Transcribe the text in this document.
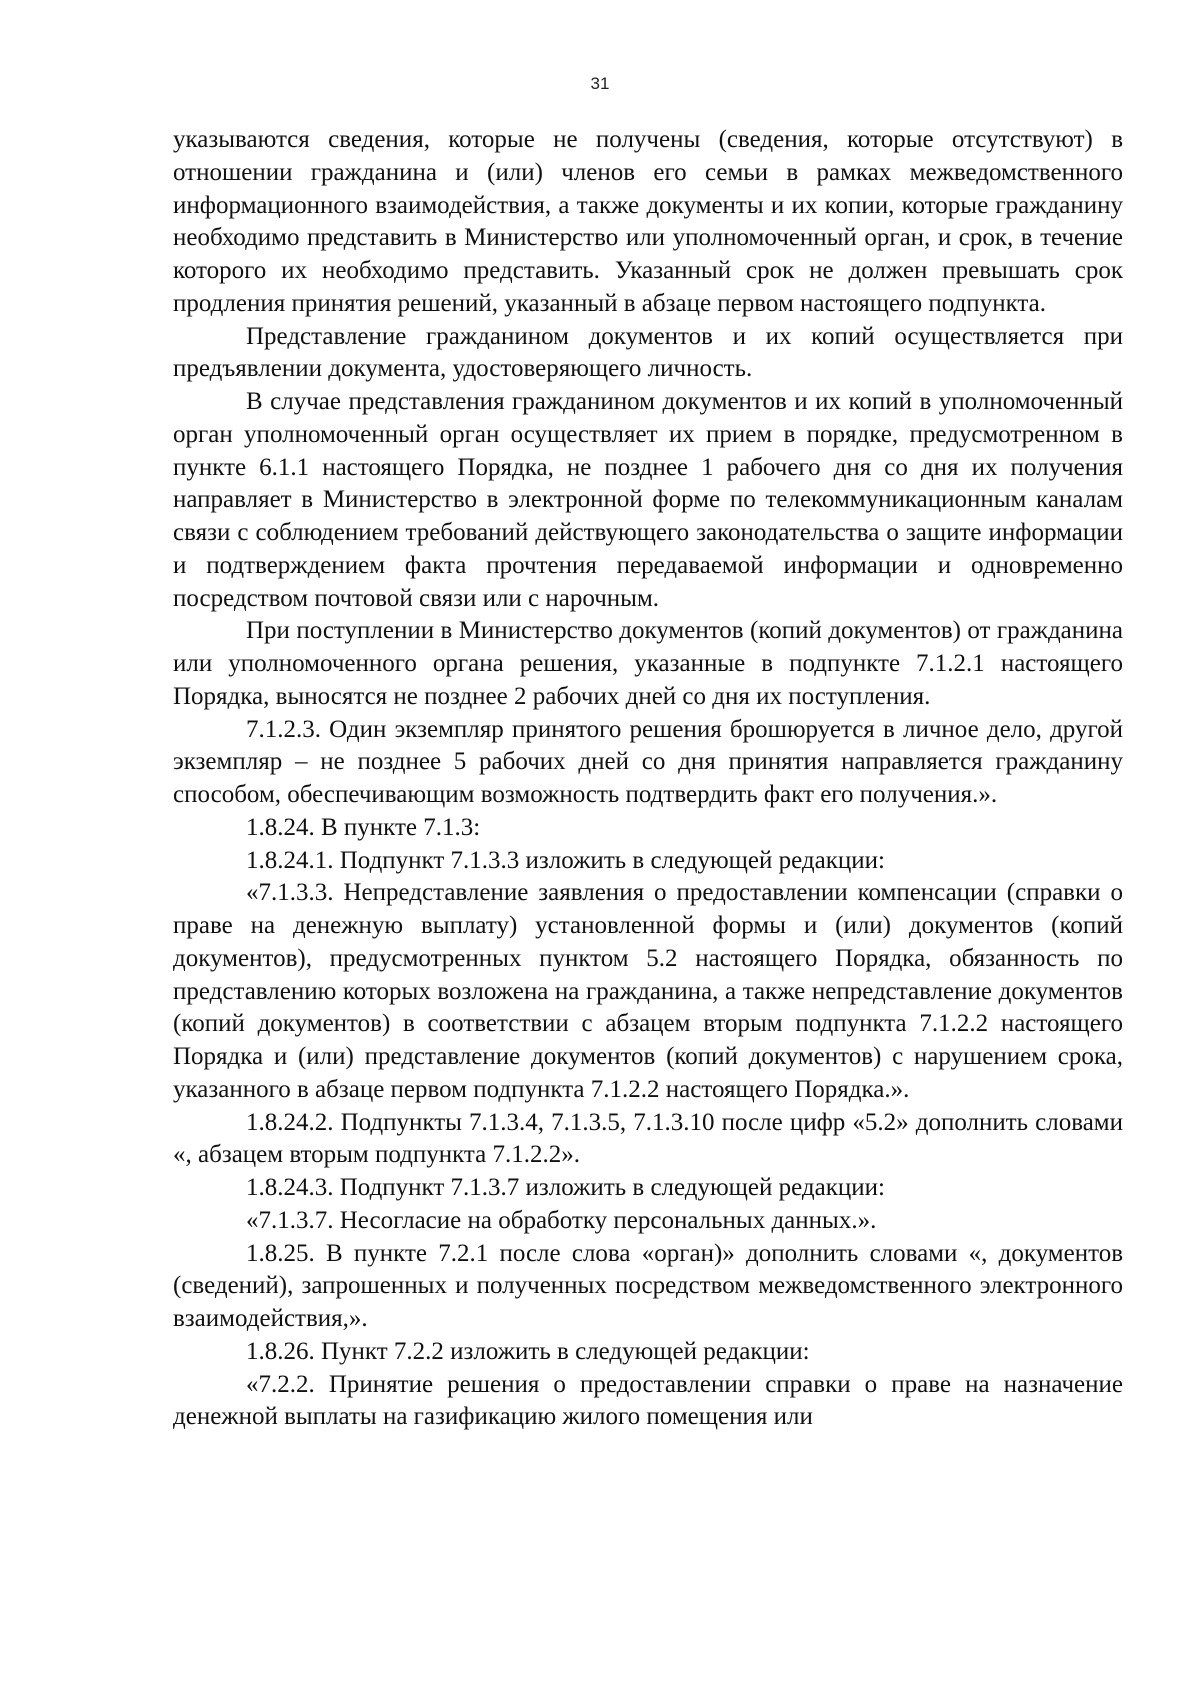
31

указываются сведения, которые не получены (сведения, которые отсутствуют) в отношении гражданина и (или) членов его семьи в рамках межведомственного информационного взаимодействия, а также документы и их копии, которые гражданину необходимо представить в Министерство или уполномоченный орган, и срок, в течение которого их необходимо представить. Указанный срок не должен превышать срок продления принятия решений, указанный в абзаце первом настоящего подпункта.

Представление гражданином документов и их копий осуществляется при предъявлении документа, удостоверяющего личность.

В случае представления гражданином документов и их копий в уполномоченный орган уполномоченный орган осуществляет их прием в порядке, предусмотренном в пункте 6.1.1 настоящего Порядка, не позднее 1 рабочего дня со дня их получения направляет в Министерство в электронной форме по телекоммуникационным каналам связи с соблюдением требований действующего законодательства о защите информации и подтверждением факта прочтения передаваемой информации и одновременно посредством почтовой связи или с нарочным.

При поступлении в Министерство документов (копий документов) от гражданина или уполномоченного органа решения, указанные в подпункте 7.1.2.1 настоящего Порядка, выносятся не позднее 2 рабочих дней со дня их поступления.

7.1.2.3. Один экземпляр принятого решения брошюруется в личное дело, другой экземпляр – не позднее 5 рабочих дней со дня принятия направляется гражданину способом, обеспечивающим возможность подтвердить факт его получения.».

1.8.24. В пункте 7.1.3:

1.8.24.1. Подпункт 7.1.3.3 изложить в следующей редакции:

«7.1.3.3. Непредставление заявления о предоставлении компенсации (справки о праве на денежную выплату) установленной формы и (или) документов (копий документов), предусмотренных пунктом 5.2 настоящего Порядка, обязанность по представлению которых возложена на гражданина, а также непредставление документов (копий документов) в соответствии с абзацем вторым подпункта 7.1.2.2 настоящего Порядка и (или) представление документов (копий документов) с нарушением срока, указанного в абзаце первом подпункта 7.1.2.2 настоящего Порядка.».

1.8.24.2. Подпункты 7.1.3.4, 7.1.3.5, 7.1.3.10 после цифр «5.2» дополнить словами «, абзацем вторым подпункта 7.1.2.2».

1.8.24.3. Подпункт 7.1.3.7 изложить в следующей редакции:

«7.1.3.7. Несогласие на обработку персональных данных.».

1.8.25. В пункте 7.2.1 после слова «орган)» дополнить словами «, документов (сведений), запрошенных и полученных посредством межведомственного электронного взаимодействия,».

1.8.26. Пункт 7.2.2 изложить в следующей редакции:

«7.2.2. Принятие решения о предоставлении справки о праве на назначение денежной выплаты на газификацию жилого помещения или
